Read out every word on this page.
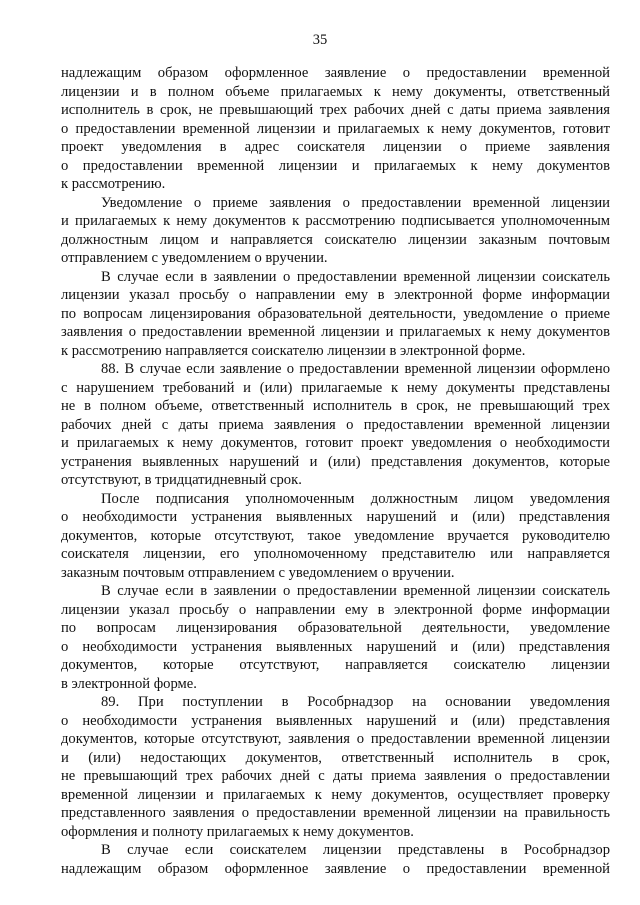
35

надлежащим образом оформленное заявление о предоставлении временной
лицензии и в полном объеме прилагаемых к нему документы, ответственный
исполнитель в срок, не превышающий трех рабочих дней с даты приема заявления
о предоставлении временной лицензии и прилагаемых к нему документов, готовит
проект уведомления в адрес соискателя лицензии о приеме заявления
о предоставлении временной лицензии и прилагаемых к нему документов
к рассмотрению.

Уведомление о приеме заявления о предоставлении временной лицензии
и прилагаемых к нему документов к рассмотрению подписывается уполномоченным
должностным лицом и направляется соискателю лицензии заказным почтовым
отправлением с уведомлением о вручении.

В случае если в заявлении о предоставлении временной лицензии соискатель
лицензии указал просьбу о направлении ему в электронной форме информации
по вопросам лицензирования образовательной деятельности, уведомление о приеме
заявления о предоставлении временной лицензии и прилагаемых к нему документов
к рассмотрению направляется соискателю лицензии в электронной форме.

88. В случае если заявление о предоставлении временной лицензии оформлено
с нарушением требований и (или) прилагаемые к нему документы представлены
не в полном объеме, ответственный исполнитель в срок, не превышающий трех
рабочих дней с даты приема заявления о предоставлении временной лицензии
и прилагаемых к нему документов, готовит проект уведомления о необходимости
устранения выявленных нарушений и (или) представления документов, которые
отсутствуют, в тридцатидневный срок.

После подписания уполномоченным должностным лицом уведомления
о необходимости устранения выявленных нарушений и (или) представления
документов, которые отсутствуют, такое уведомление вручается руководителю
соискателя лицензии, его уполномоченному представителю или направляется
заказным почтовым отправлением с уведомлением о вручении.

В случае если в заявлении о предоставлении временной лицензии соискатель
лицензии указал просьбу о направлении ему в электронной форме информации
по вопросам лицензирования образовательной деятельности, уведомление
о необходимости устранения выявленных нарушений и (или) представления
документов, которые отсутствуют, направляется соискателю лицензии
в электронной форме.

89. При поступлении в Рособрнадзор на основании уведомления
о необходимости устранения выявленных нарушений и (или) представления
документов, которые отсутствуют, заявления о предоставлении временной лицензии
и (или) недостающих документов, ответственный исполнитель в срок,
не превышающий трех рабочих дней с даты приема заявления о предоставлении
временной лицензии и прилагаемых к нему документов, осуществляет проверку
представленного заявления о предоставлении временной лицензии на правильность
оформления и полноту прилагаемых к нему документов.

В случае если соискателем лицензии представлены в Рособрнадзор
надлежащим образом оформленное заявление о предоставлении временной
